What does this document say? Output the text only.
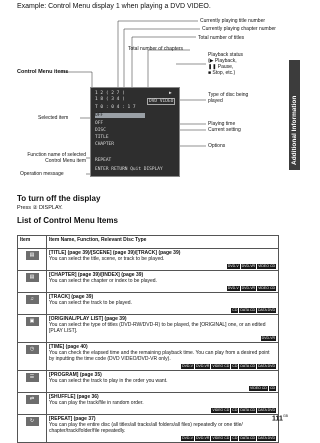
Example: Control Menu display 1 when playing a DVD VIDEO.
Currently playing title number
Currently playing chapter number
Total number of titles
Total number of chapters
Playback status
(▶ Playback,
❚❚ Pause,
■ Stop, etc.)
Control Menu items
Type of disc being
played
Selected item
Playing time
Current setting
Options
Function name of selected
Control Menu item
Operation message
1 2 ( 2 7 )
1 8 ( 3 4 )
▶
DVD VIDEO
T 0 : 0 4 : 1 7
OFF
OFF
DISC
TITLE
CHAPTER
REPEAT
ENTER RETURN Quit DISPLAY
To turn off the display
Press ② DISPLAY.
List of Control Menu Items
Item	Item Name, Function, Relevant Disc Type

▤	[TITLE] (page 39)/[SCENE] (page 39)/[TRACK] (page 39)
You can select the title, scene, or track to be played.
DVD-V DVD-VR VIDEO CD

▤	[CHAPTER] (page 39)/[INDEX] (page 39)
You can select the chapter or index to be played.
DVD-V DVD-VR VIDEO CD

♫	[TRACK] (page 39)
You can select the track to be played.
CD DATA CD DATA DVD

▣	[ORIGINAL/PLAY LIST] (page 39)
You can select the type of titles (DVD-RW/DVD-R) to be played, the [ORIGINAL] one, or an edited [PLAY LIST].
DVD-VR

◷	[TIME] (page 40)
You can check the elapsed time and the remaining playback time. You can play from a desired point by inputting the time code (DVD VIDEO/DVD-VR only).
DVD-V DVD-VR VIDEO CD CD DATA CD DATA DVD

☰	[PROGRAM] (page 35)
You can select the track to play in the order you want.
VIDEO CD CD

⇄	[SHUFFLE] (page 36)
You can play the track/file in random order.
VIDEO CD CD DATA CD DATA DVD

↻	[REPEAT] (page 37)
You can play the entire disc (all titles/all tracks/all folders/all files) repeatedly or one title/ chapter/track/folder/file repeatedly.
DVD-V DVD-VR VIDEO CD CD DATA CD DATA DVD
Additional Information
$111^{GB}$
